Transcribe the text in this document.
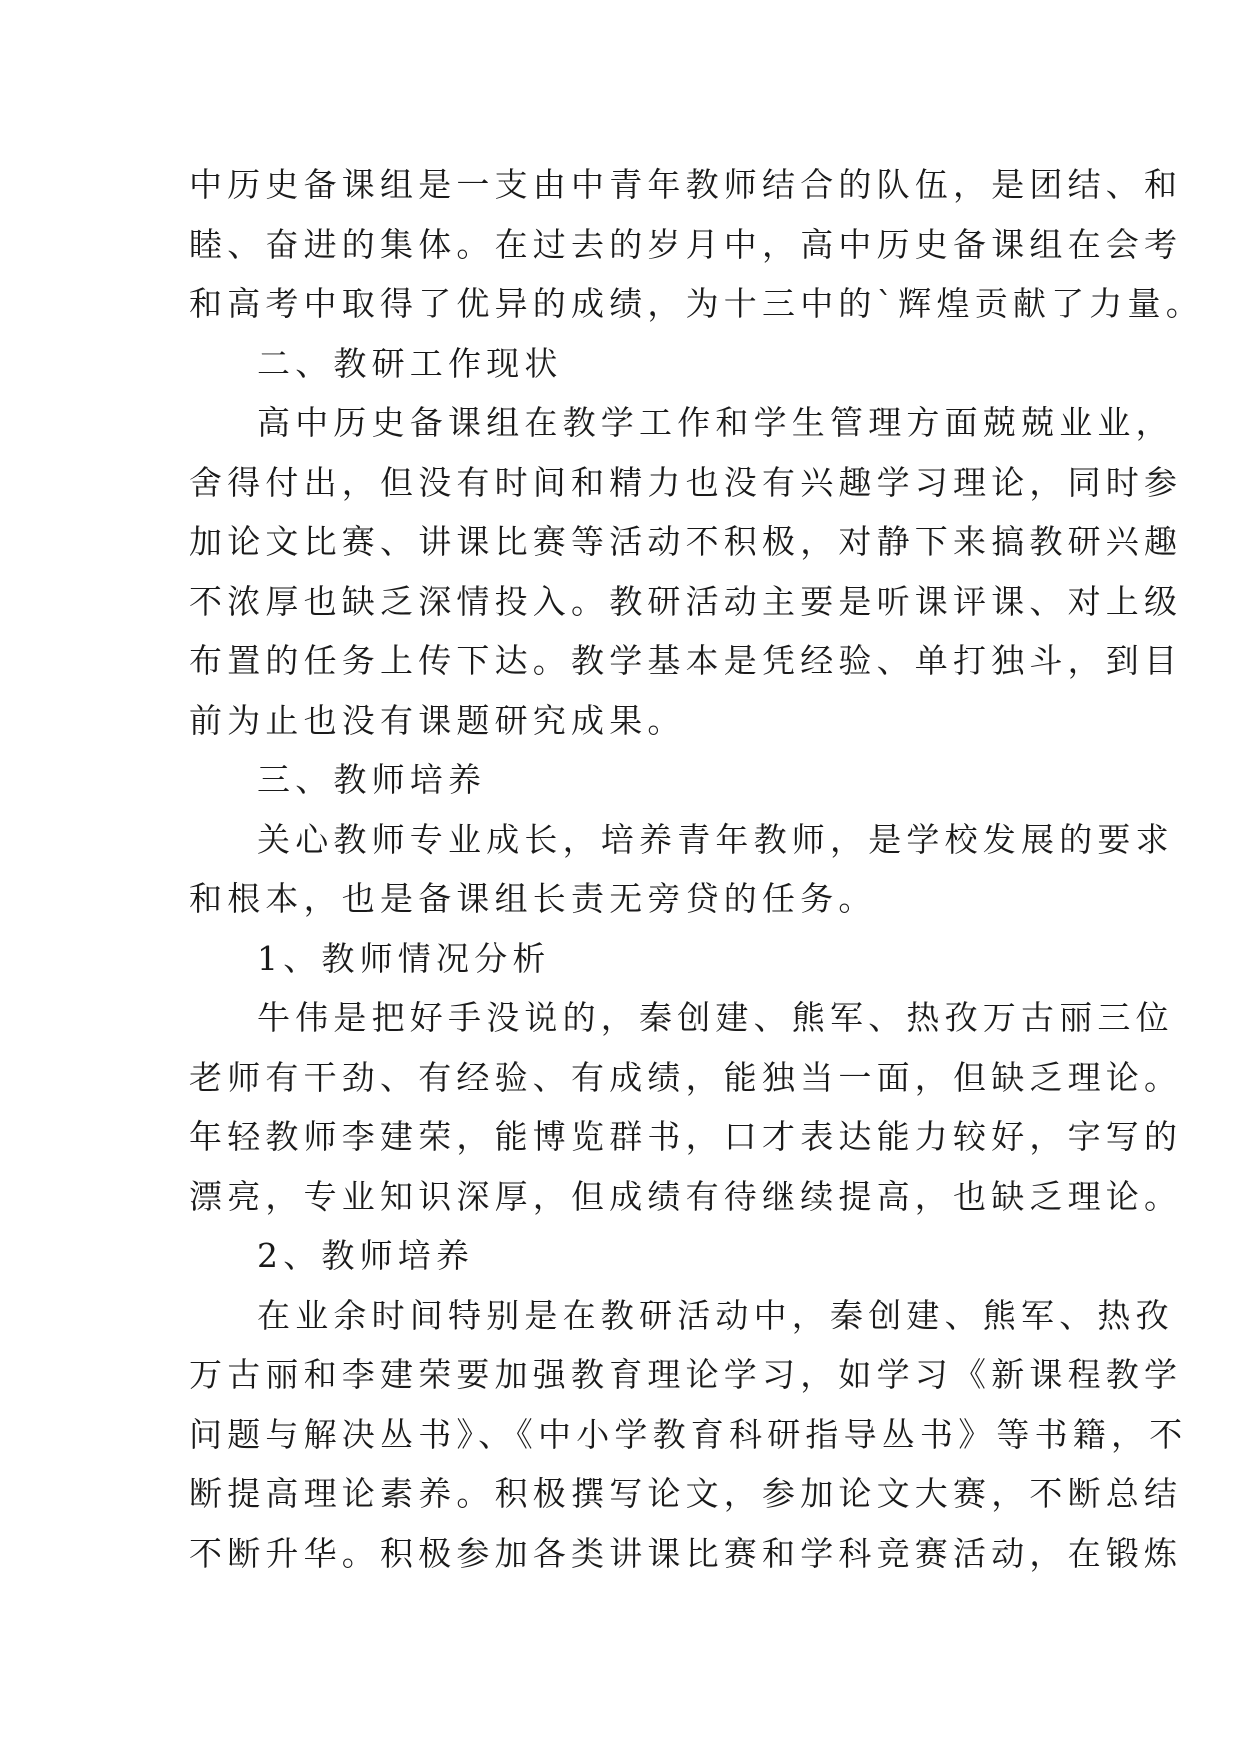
中历史备课组是一支由中青年教师结合的队伍，是团结、和
睦、奋进的集体。在过去的岁月中，高中历史备课组在会考
和高考中取得了优异的成绩，为十三中的`辉煌贡献了力量。
二、教研工作现状
高中历史备课组在教学工作和学生管理方面兢兢业业，
舍得付出，但没有时间和精力也没有兴趣学习理论，同时参
加论文比赛、讲课比赛等活动不积极，对静下来搞教研兴趣
不浓厚也缺乏深情投入。教研活动主要是听课评课、对上级
布置的任务上传下达。教学基本是凭经验、单打独斗，到目
前为止也没有课题研究成果。
三、教师培养
关心教师专业成长，培养青年教师，是学校发展的要求
和根本，也是备课组长责无旁贷的任务。
1、教师情况分析
牛伟是把好手没说的，秦创建、熊军、热孜万古丽三位
老师有干劲、有经验、有成绩，能独当一面，但缺乏理论。
年轻教师李建荣，能博览群书，口才表达能力较好，字写的
漂亮，专业知识深厚，但成绩有待继续提高，也缺乏理论。
2、教师培养
在业余时间特别是在教研活动中，秦创建、熊军、热孜
万古丽和李建荣要加强教育理论学习，如学习《新课程教学
问题与解决丛书》、《中小学教育科研指导丛书》等书籍，不
断提高理论素养。积极撰写论文，参加论文大赛，不断总结
不断升华。积极参加各类讲课比赛和学科竞赛活动，在锻炼
